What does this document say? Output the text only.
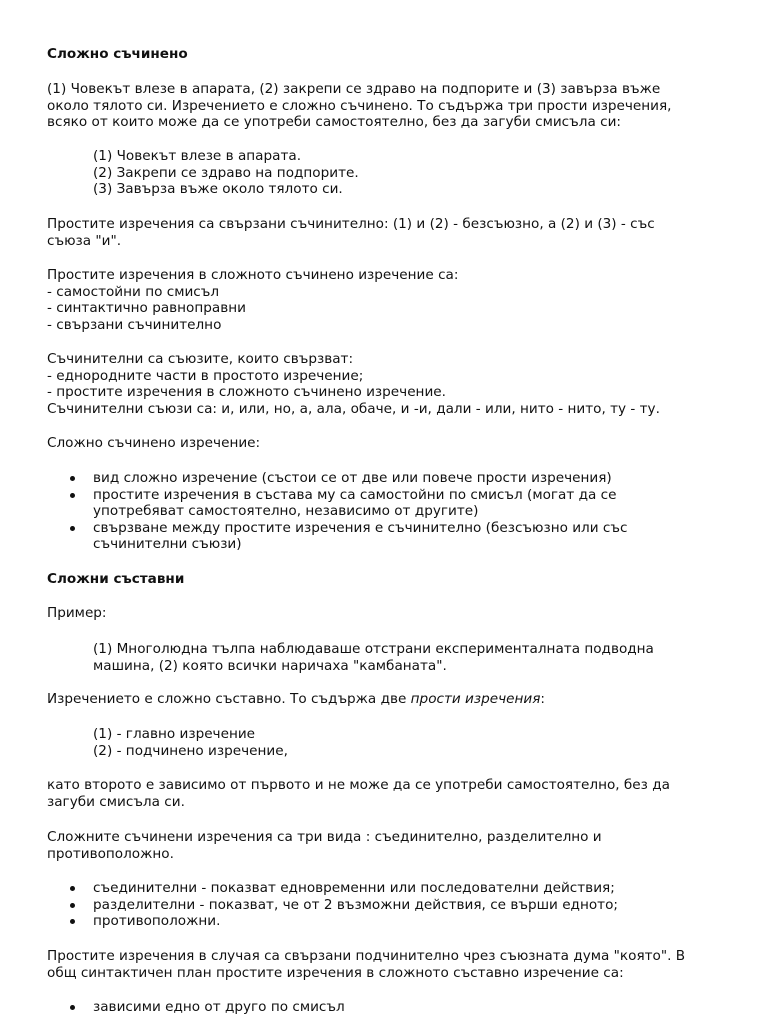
Сложно съчинено

(1) Човекът влезе в апарата, (2) закрепи се здраво на подпорите и (3) завърза въже
около тялото си. Изречението е сложно съчинено. То съдържа три прости изречения,
всяко от които може да се употреби самостоятелно, без да загуби смисъла си:

(1) Човекът влезе в апарата.
(2) Закрепи се здраво на подпорите.
(3) Завърза въже около тялото си.

Простите изречения са свързани съчинително: (1) и (2) - безсъюзно, а (2) и (3) - със
съюза "и".

Простите изречения в сложното съчинено изречение са:
- самостойни по смисъл
- синтактично равноправни
- свързани съчинително

Съчинителни са съюзите, които свързват:
- еднородните части в простото изречение;
- простите изречения в сложното съчинено изречение.
Съчинителни съюзи са: и, или, но, а, ала, обаче, и -и, дали - или, нито - нито, ту - ту.

Сложно съчинено изречение:

вид сложно изречение (състои се от две или повече прости изречения)
простите изречения в състава му са самостойни по смисъл (могат да се
употребяват самостоятелно, независимо от другите)
свързване между простите изречения е съчинително (безсъюзно или със
съчинителни съюзи)

Сложни съставни

Пример:

(1) Многолюдна тълпа наблюдаваше отстрани експерименталната подводна
машина, (2) която всички наричаха "камбаната".

Изречението е сложно съставно. То съдържа две прости изречения:

(1) - главно изречение
(2) - подчинено изречение,

като второто е зависимо от първото и не може да се употреби самостоятелно, без да
загуби смисъла си.

Сложните съчинени изречения са три вида : съединително, разделително и
противоположно.

съединителни - показват едновременни или последователни действия;
разделителни - показват, че от 2 възможни действия, се върши едното;
противоположни.

Простите изречения в случая са свързани подчинително чрез съюзната дума "която". В
общ синтактичен план простите изречения в сложното съставно изречение са:

зависими едно от друго по смисъл
